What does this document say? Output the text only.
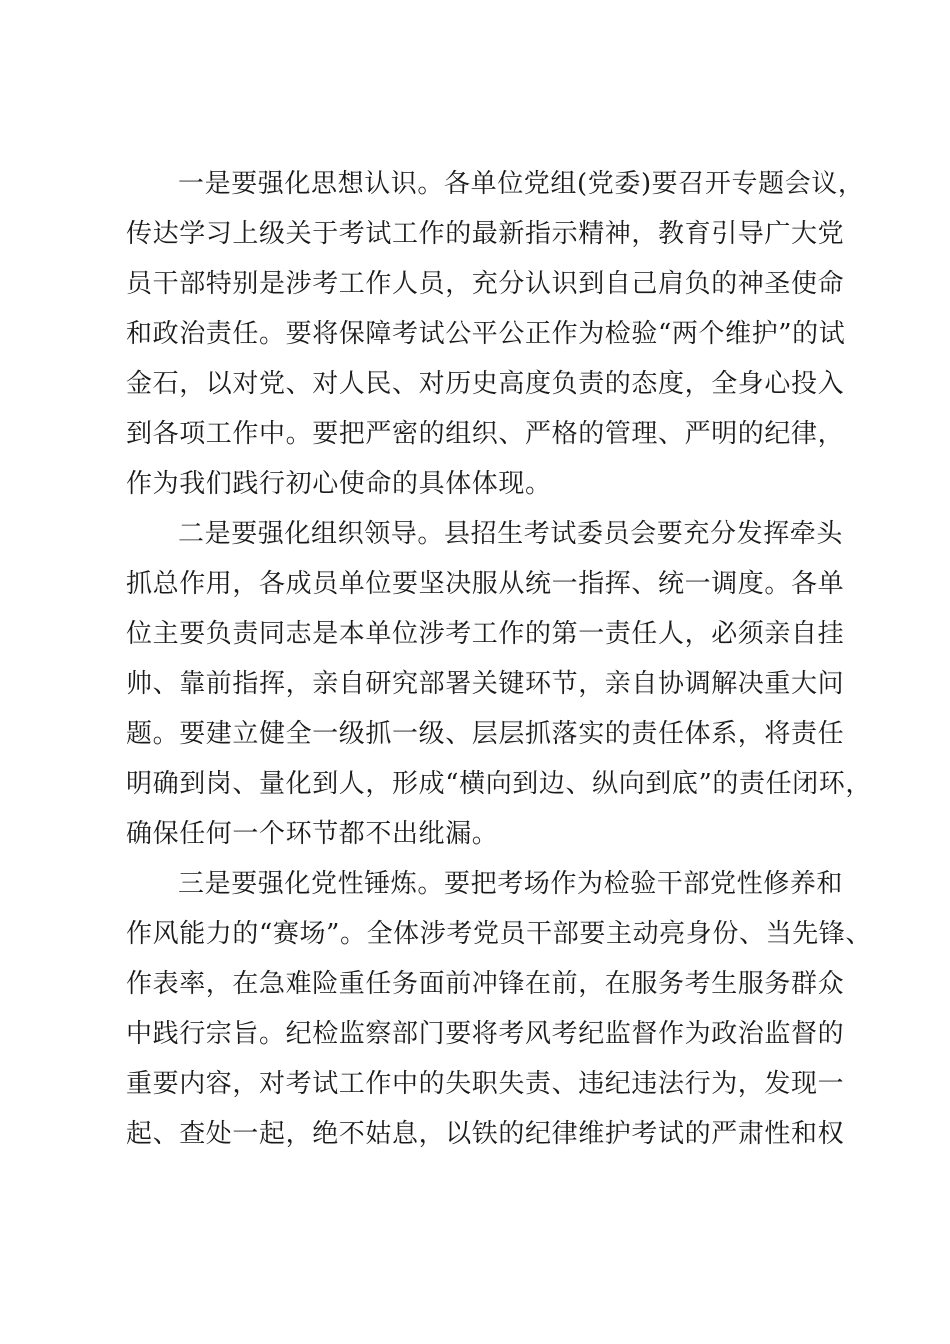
一是要强化思想认识。各单位党组(党委)要召开专题会议，
传达学习上级关于考试工作的最新指示精神，教育引导广大党
员干部特别是涉考工作人员，充分认识到自己肩负的神圣使命
和政治责任。要将保障考试公平公正作为检验“两个维护”的试
金石，以对党、对人民、对历史高度负责的态度，全身心投入
到各项工作中。要把严密的组织、严格的管理、严明的纪律，
作为我们践行初心使命的具体体现。
二是要强化组织领导。县招生考试委员会要充分发挥牵头
抓总作用，各成员单位要坚决服从统一指挥、统一调度。各单
位主要负责同志是本单位涉考工作的第一责任人，必须亲自挂
帅、靠前指挥，亲自研究部署关键环节，亲自协调解决重大问
题。要建立健全一级抓一级、层层抓落实的责任体系，将责任
明确到岗、量化到人，形成“横向到边、纵向到底”的责任闭环，
确保任何一个环节都不出纰漏。
三是要强化党性锤炼。要把考场作为检验干部党性修养和
作风能力的“赛场”。全体涉考党员干部要主动亮身份、当先锋、
作表率，在急难险重任务面前冲锋在前，在服务考生服务群众
中践行宗旨。纪检监察部门要将考风考纪监督作为政治监督的
重要内容，对考试工作中的失职失责、违纪违法行为，发现一
起、查处一起，绝不姑息，以铁的纪律维护考试的严肃性和权
